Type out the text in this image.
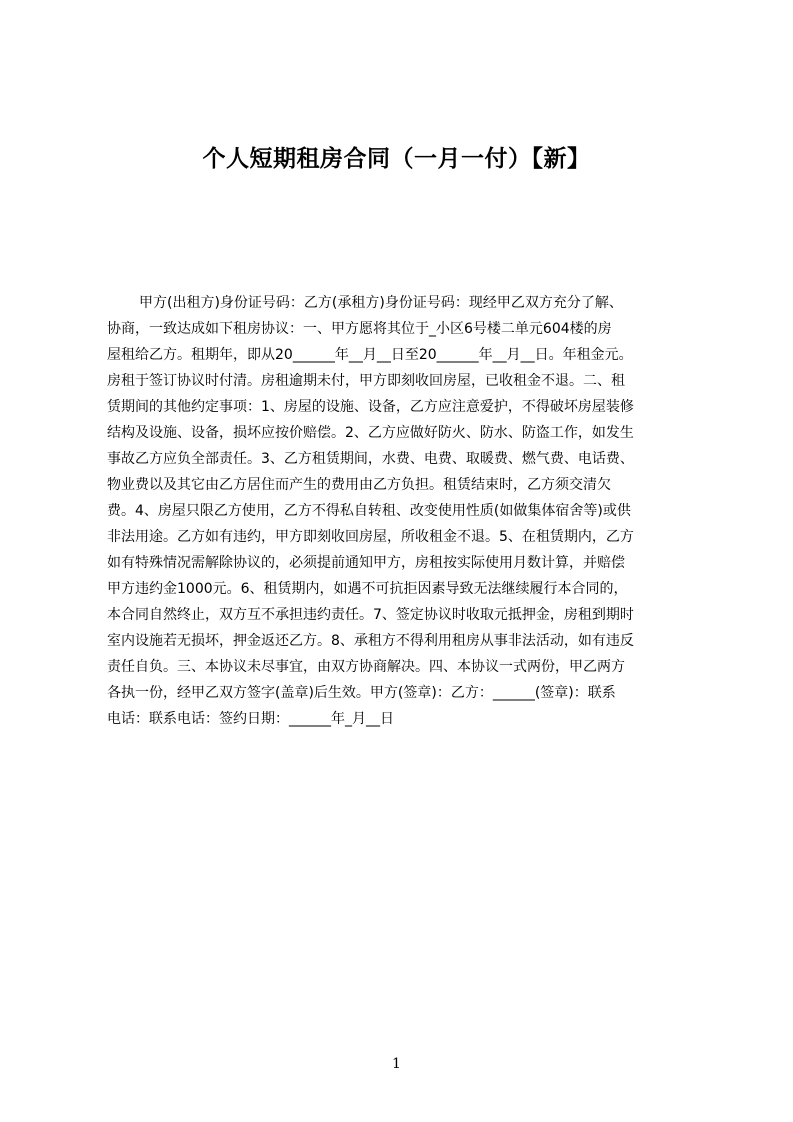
个人短期租房合同（一月一付）【新】
甲方(出租方)身份证号码：乙方(承租方)身份证号码：现经甲乙双方充分了解、
协商，一致达成如下租房协议：一、甲方愿将其位于_小区6号楼二单元604楼的房
屋租给乙方。租期年，即从20______年__月__日至20______年__月__日。年租金元。
房租于签订协议时付清。房租逾期未付，甲方即刻收回房屋，已收租金不退。二、租
赁期间的其他约定事项：1、房屋的设施、设备，乙方应注意爱护，不得破坏房屋装修
结构及设施、设备，损坏应按价赔偿。2、乙方应做好防火、防水、防盗工作，如发生
事故乙方应负全部责任。3、乙方租赁期间，水费、电费、取暖费、燃气费、电话费、
物业费以及其它由乙方居住而产生的费用由乙方负担。租赁结束时，乙方须交清欠
费。4、房屋只限乙方使用，乙方不得私自转租、改变使用性质(如做集体宿舍等)或供
非法用途。乙方如有违约，甲方即刻收回房屋，所收租金不退。5、在租赁期内，乙方
如有特殊情况需解除协议的，必须提前通知甲方，房租按实际使用月数计算，并赔偿
甲方违约金1000元。6、租赁期内，如遇不可抗拒因素导致无法继续履行本合同的，
本合同自然终止，双方互不承担违约责任。7、签定协议时收取元抵押金，房租到期时
室内设施若无损坏，押金返还乙方。8、承租方不得利用租房从事非法活动，如有违反
责任自负。三、本协议未尽事宜，由双方协商解决。四、本协议一式两份，甲乙两方
各执一份，经甲乙双方签字(盖章)后生效。甲方(签章)：乙方：______(签章)：联系
电话：联系电话：签约日期：______年_月__日
1
